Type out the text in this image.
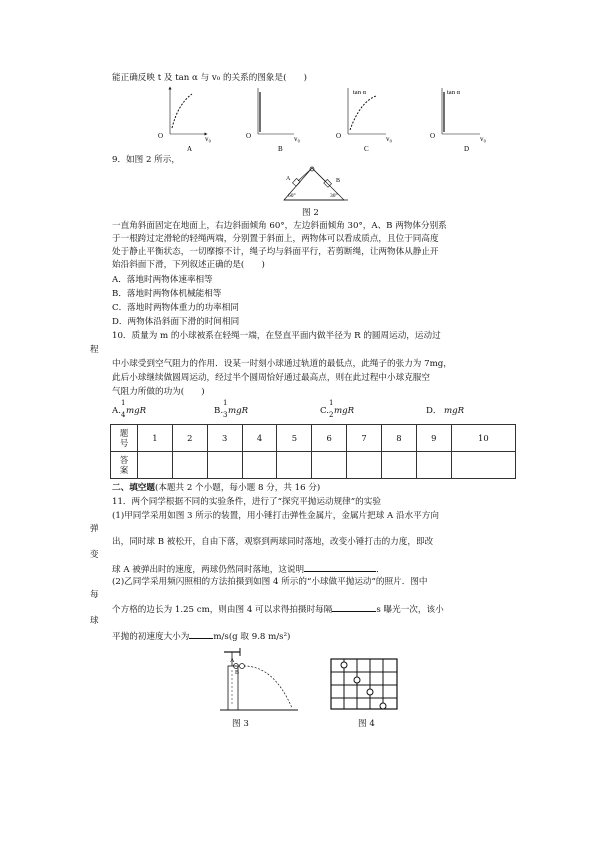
能正确反映 t 及 tan α 与 v₀ 的关系的图象是(　　)
O	v₀
A
O	v₀
B
O	v₀
C
tan α
O	v₀
D
tan α
9．如图 2 所示，
A	B
60°	30°
图 2
一直角斜面固定在地面上，右边斜面倾角 60°，左边斜面倾角 30°，A、B 两物体分别系
于一根跨过定滑轮的轻绳两端，分别置于斜面上，两物体可以看成质点，且位于同高度
处于静止平衡状态，一切摩擦不计，绳子均与斜面平行，若剪断绳，让两物体从静止开
始沿斜面下滑，下列叙述正确的是(　　)
A．落地时两物体速率相等
B．落地时两物体机械能相等
C．落地时两物体重力的功率相同
D．两物体沿斜面下滑的时间相同
10．质量为 m 的小球被系在轻绳一端，在竖直平面内做半径为 R 的圆周运动，运动过
程
中小球受到空气阻力的作用．设某一时刻小球通过轨道的最低点，此绳子的张力为 7mg，
此后小球继续做圆周运动，经过半个圆周恰好通过最高点，则在此过程中小球克服空
气阻力所做的功为(　　)
A.
1
4 mgR	B.
1
3 mgR	C.
1
2 mgR	D． mgR
题
号	1	2	3	4	5	6	7	8	9	10

答
案										

二、填空题(本题共 2 个小题，每小题 8 分，共 16 分)
11．两个同学根据不同的实验条件，进行了“探究平抛运动规律”的实验
(1)甲同学采用如图 3 所示的装置，用小锤打击弹性金属片，金属片把球 A 沿水平方向
弹
出，同时球 B 被松开，自由下落，观察到两球同时落地，改变小锤打击的力度，即改
变
球 A 被弹出时的速度，两球仍然同时落地，这说明	．
(2)乙同学采用频闪照相的方法拍摄到如图 4 所示的“小球做平抛运动”的照片．图中
每
个方格的边长为 1.25 cm，则由图 4 可以求得拍摄时每隔	s 曝光一次，该小
球
平抛的初速度大小为	m/s(g 取 9.8 m/s²)
A
B
图 3	图 4
